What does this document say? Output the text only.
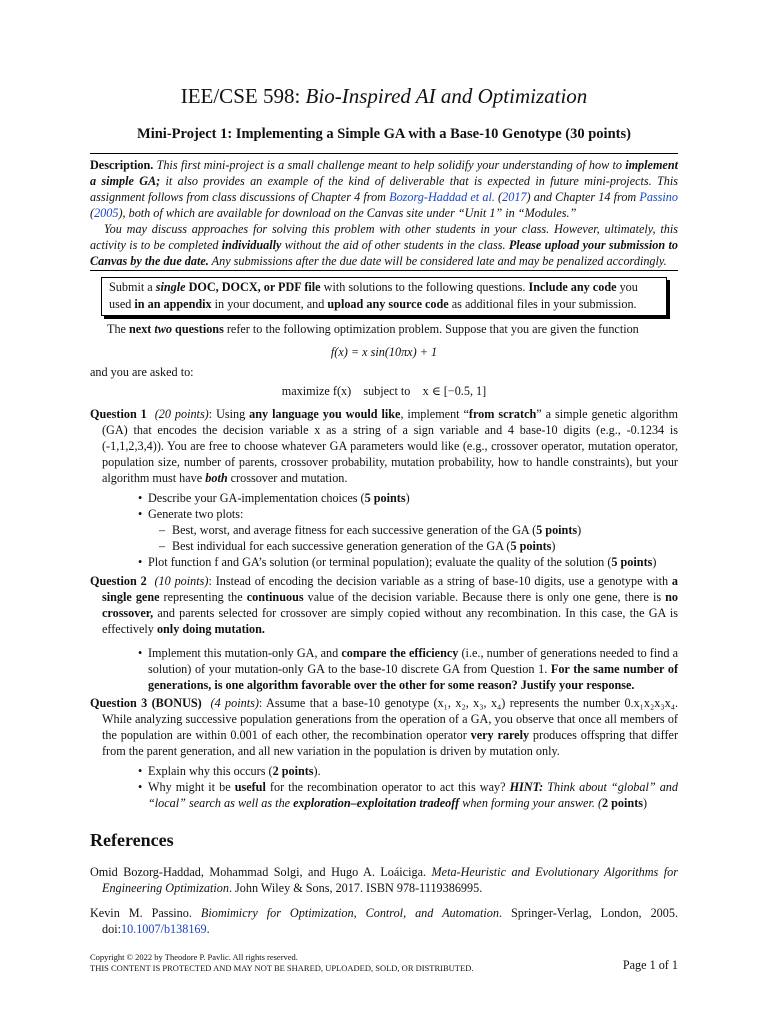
IEE/CSE 598: Bio-Inspired AI and Optimization
Mini-Project 1: Implementing a Simple GA with a Base-10 Genotype (30 points)

Description. This first mini-project is a small challenge meant to help solidify your understanding of how to implement a simple GA; it also provides an example of the kind of deliverable that is expected in future mini-projects. This assignment follows from class discussions of Chapter 4 from Bozorg-Haddad et al. (2017) and Chapter 14 from Passino (2005), both of which are available for download on the Canvas site under “Unit 1” in “Modules.”

You may discuss approaches for solving this problem with other students in your class. However, ultimately, this activity is to be completed individually without the aid of other students in the class. Please upload your submission to Canvas by the due date. Any submissions after the due date will be considered late and may be penalized accordingly.

Submit a single DOC, DOCX, or PDF file with solutions to the following questions. Include any code you used in an appendix in your document, and upload any source code as additional files in your submission.
The next two questions refer to the following optimization problem. Suppose that you are given the function
f(x) = x sin(10πx) + 1
and you are asked to:
maximize f(x)    subject to    x ∈ [−0.5, 1]

Question 1 (20 points): Using any language you would like, implement “from scratch” a simple genetic algorithm (GA) that encodes the decision variable x as a string of a sign variable and 4 base-10 digits (e.g., -0.1234 is (-1,1,2,3,4)). You are free to choose whatever GA parameters would like (e.g., crossover operator, mutation operator, population size, number of parents, crossover probability, mutation probability, how to handle constraints), but your algorithm must have both crossover and mutation.

• Describe your GA-implementation choices (5 points)
• Generate two plots:
– Best, worst, and average fitness for each successive generation of the GA (5 points)
– Best individual for each successive generation generation of the GA (5 points)
• Plot function f and GA’s solution (or terminal population); evaluate the quality of the solution (5 points)

Question 2 (10 points): Instead of encoding the decision variable as a string of base-10 digits, use a genotype with a single gene representing the continuous value of the decision variable. Because there is only one gene, there is no crossover, and parents selected for crossover are simply copied without any recombination. In this case, the GA is effectively only doing mutation.

• Implement this mutation-only GA, and compare the efficiency (i.e., number of generations needed to find a solution) of your mutation-only GA to the base-10 discrete GA from Question 1. For the same number of generations, is one algorithm favorable over the other for some reason? Justify your response.

Question 3 (BONUS) (4 points): Assume that a base-10 genotype (x₁, x₂, x₃, x₄) represents the number 0.x₁x₂x₃x₄. While analyzing successive population generations from the operation of a GA, you observe that once all members of the population are within 0.001 of each other, the recombination operator very rarely produces offspring that differ from the parent generation, and all new variation in the population is driven by mutation only.

• Explain why this occurs (2 points).
• Why might it be useful for the recombination operator to act this way? HINT: Think about “global” and “local” search as well as the exploration–exploitation tradeoff when forming your answer. (2 points)
References
Omid Bozorg-Haddad, Mohammad Solgi, and Hugo A. Loáiciga. Meta-Heuristic and Evolutionary Algorithms for Engineering Optimization. John Wiley & Sons, 2017. ISBN 978-1119386995.
Kevin M. Passino. Biomimicry for Optimization, Control, and Automation. Springer-Verlag, London, 2005. doi:10.1007/b138169.
Copyright © 2022 by Theodore P. Pavlic. All rights reserved.
THIS CONTENT IS PROTECTED AND MAY NOT BE SHARED, UPLOADED, SOLD, OR DISTRIBUTED.	Page 1 of 1
